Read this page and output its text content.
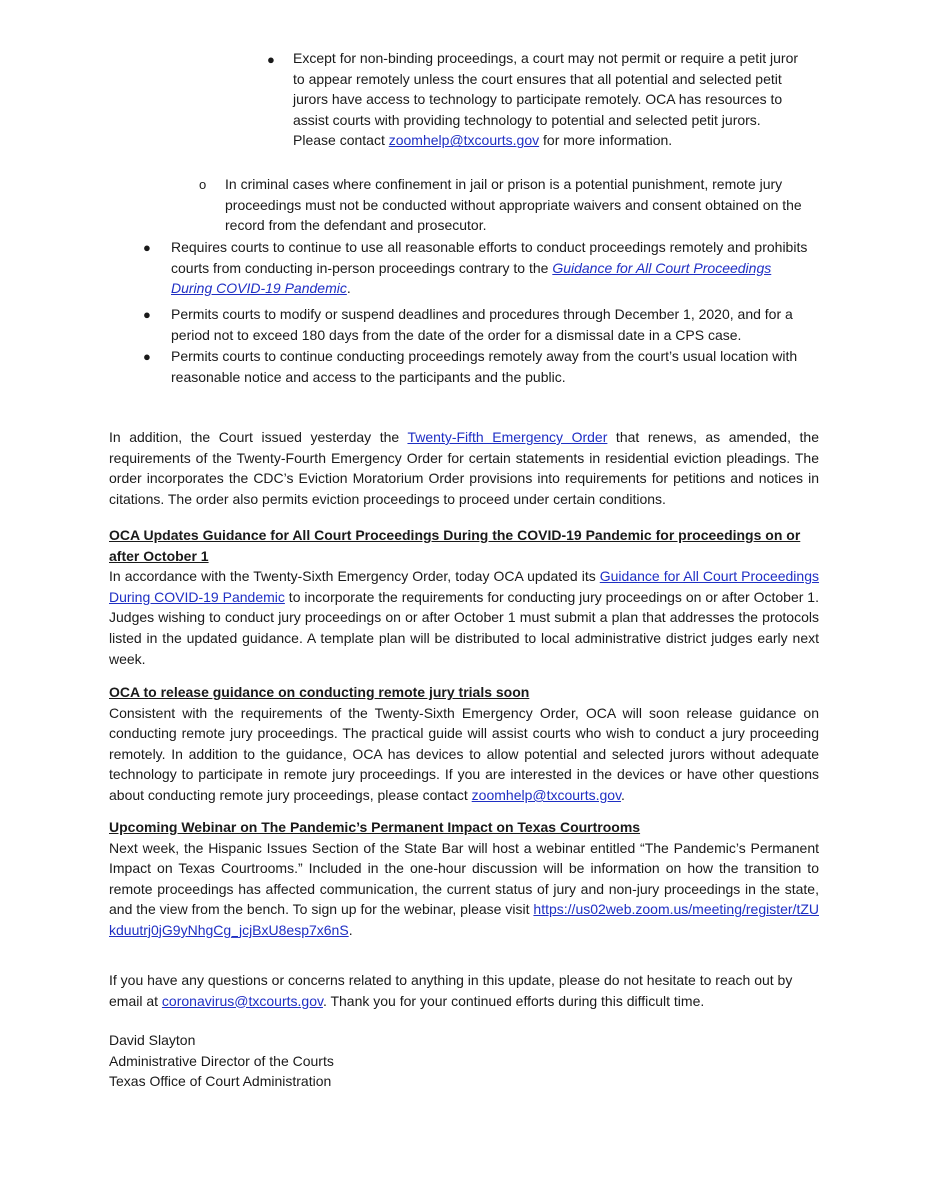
● Except for non-binding proceedings, a court may not permit or require a petit juror to appear remotely unless the court ensures that all potential and selected petit jurors have access to technology to participate remotely. OCA has resources to assist courts with providing technology to potential and selected petit jurors. Please contact zoomhelp@txcourts.gov for more information.

o In criminal cases where confinement in jail or prison is a potential punishment, remote jury proceedings must not be conducted without appropriate waivers and consent obtained on the record from the defendant and prosecutor.

● Requires courts to continue to use all reasonable efforts to conduct proceedings remotely and prohibits courts from conducting in-person proceedings contrary to the Guidance for All Court Proceedings During COVID-19 Pandemic.

● Permits courts to modify or suspend deadlines and procedures through December 1, 2020, and for a period not to exceed 180 days from the date of the order for a dismissal date in a CPS case.

● Permits courts to continue conducting proceedings remotely away from the court’s usual location with reasonable notice and access to the participants and the public.

In addition, the Court issued yesterday the Twenty-Fifth Emergency Order that renews, as amended, the requirements of the Twenty-Fourth Emergency Order for certain statements in residential eviction pleadings. The order incorporates the CDC’s Eviction Moratorium Order provisions into requirements for petitions and notices in citations. The order also permits eviction proceedings to proceed under certain conditions.

OCA Updates Guidance for All Court Proceedings During the COVID-19 Pandemic for proceedings on or after October 1

In accordance with the Twenty-Sixth Emergency Order, today OCA updated its Guidance for All Court Proceedings During COVID-19 Pandemic to incorporate the requirements for conducting jury proceedings on or after October 1. Judges wishing to conduct jury proceedings on or after October 1 must submit a plan that addresses the protocols listed in the updated guidance. A template plan will be distributed to local administrative district judges early next week.

OCA to release guidance on conducting remote jury trials soon

Consistent with the requirements of the Twenty-Sixth Emergency Order, OCA will soon release guidance on conducting remote jury proceedings. The practical guide will assist courts who wish to conduct a jury proceeding remotely. In addition to the guidance, OCA has devices to allow potential and selected jurors without adequate technology to participate in remote jury proceedings. If you are interested in the devices or have other questions about conducting remote jury proceedings, please contact zoomhelp@txcourts.gov.

Upcoming Webinar on The Pandemic’s Permanent Impact on Texas Courtrooms

Next week, the Hispanic Issues Section of the State Bar will host a webinar entitled “The Pandemic’s Permanent Impact on Texas Courtrooms.” Included in the one-hour discussion will be information on how the transition to remote proceedings has affected communication, the current status of jury and non-jury proceedings in the state, and the view from the bench. To sign up for the webinar, please visit https://us02web.zoom.us/meeting/register/tZUkduutrj0jG9yNhgCg_jcjBxU8esp7x6nS.

If you have any questions or concerns related to anything in this update, please do not hesitate to reach out by email at coronavirus@txcourts.gov. Thank you for your continued efforts during this difficult time.

David Slayton

Administrative Director of the Courts

Texas Office of Court Administration
